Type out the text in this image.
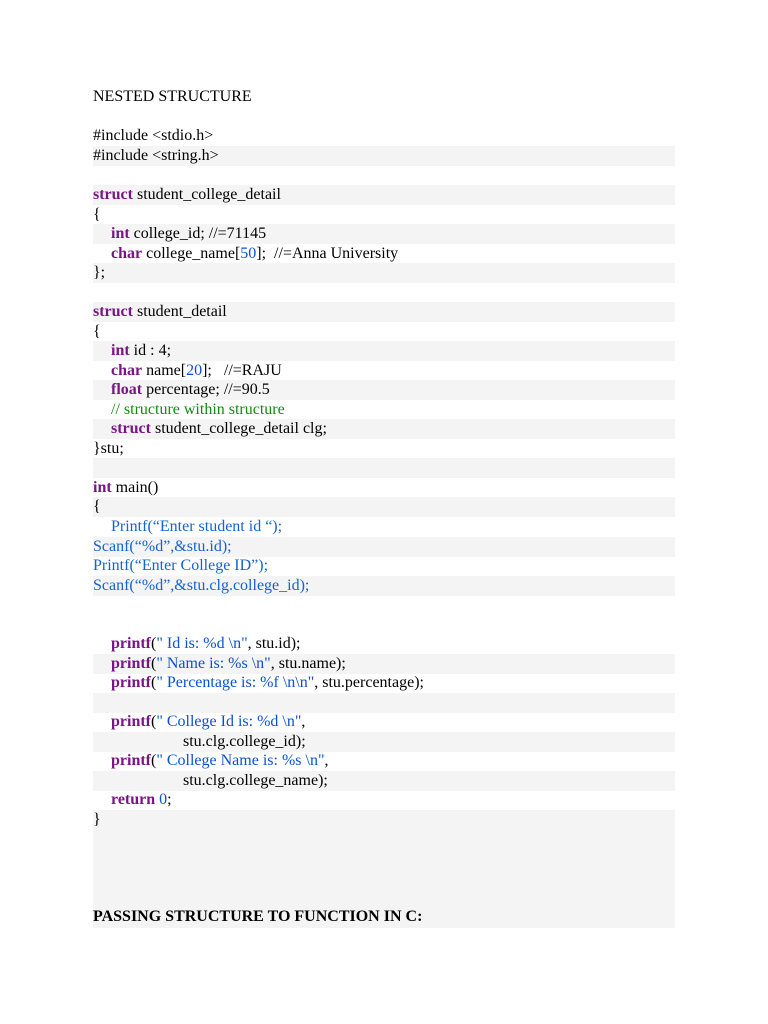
NESTED STRUCTURE
#include <stdio.h>
#include <string.h>
struct student_college_detail
{
int college_id; //=71145
char college_name[50];  //=Anna University
};
struct student_detail
{
int id : 4;
char name[20];   //=RAJU
float percentage; //=90.5
// structure within structure
struct student_college_detail clg;
}stu;
int main()
{
Printf(“Enter student id “);
Scanf(“%d”,&stu.id);
Printf(“Enter College ID”);
Scanf(“%d”,&stu.clg.college_id);
printf(" Id is: %d \n", stu.id);
printf(" Name is: %s \n", stu.name);
printf(" Percentage is: %f \n\n", stu.percentage);
printf(" College Id is: %d \n",
stu.clg.college_id);
printf(" College Name is: %s \n",
stu.clg.college_name);
return 0;
}
PASSING STRUCTURE TO FUNCTION IN C:
